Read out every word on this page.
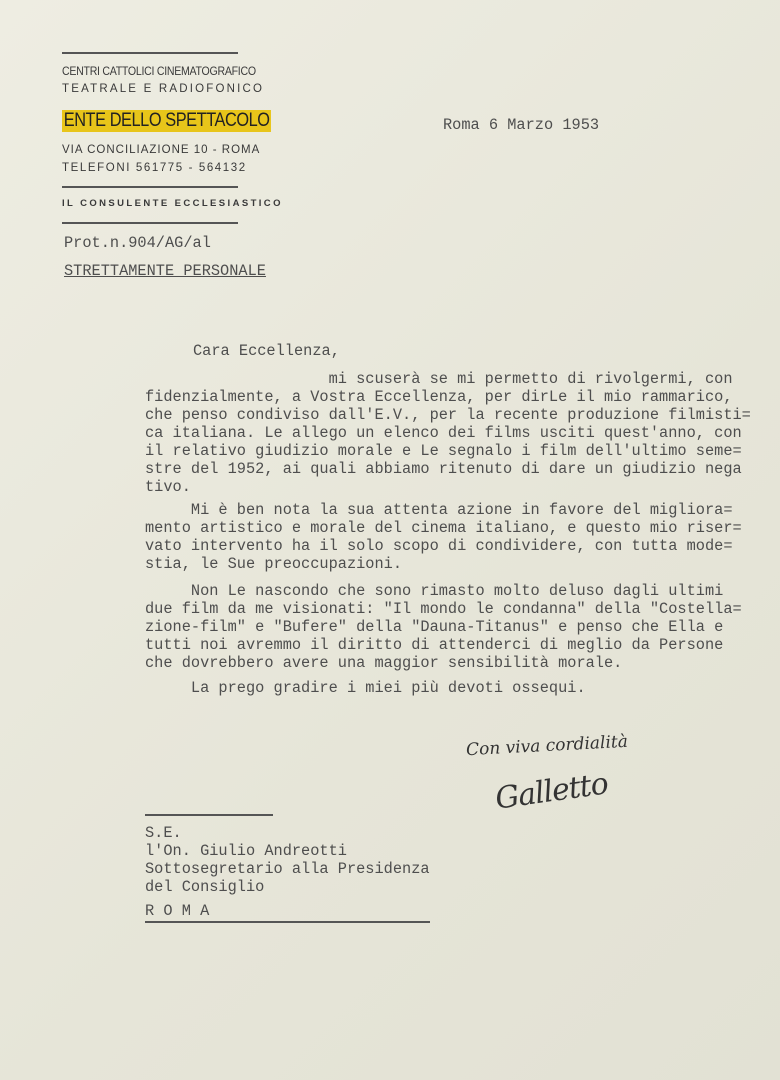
CENTRI CATTOLICI CINEMATOGRAFICO
TEATRALE E RADIOFONICO
ENTE DELLO SPETTACOLO
VIA CONCILIAZIONE 10 - ROMA
TELEFONI 561775 - 564132
IL CONSULENTE ECCLESIASTICO
Roma 6 Marzo 1953
Prot.n.904/AG/al
STRETTAMENTE PERSONALE
Cara Eccellenza,
mi scuserà se mi permetto di rivolgermi, con
fidenzialmente, a Vostra Eccellenza, per dirLe il mio rammarico,
che penso condiviso dall'E.V., per la recente produzione filmisti=
ca italiana. Le allego un elenco dei films usciti quest'anno, con
il relativo giudizio morale e Le segnalo i film dell'ultimo seme=
stre del 1952, ai quali abbiamo ritenuto di dare un giudizio nega
tivo.
Mi è ben nota la sua attenta azione in favore del migliora=
mento artistico e morale del cinema italiano, e questo mio riser=
vato intervento ha il solo scopo di condividere, con tutta mode=
stia, le Sue preoccupazioni.
Non Le nascondo che sono rimasto molto deluso dagli ultimi
due film da me visionati: "Il mondo le condanna" della "Costella=
zione-film" e "Bufere" della "Dauna-Titanus" e penso che Ella e
tutti noi avremmo il diritto di attenderci di meglio da Persone
che dovrebbero avere una maggior sensibilità morale.
La prego gradire i miei più devoti ossequi.
Con viva cordialità
Galletto
S.E.
l'On. Giulio Andreotti
Sottosegretario alla Presidenza
del Consiglio
R O M A
